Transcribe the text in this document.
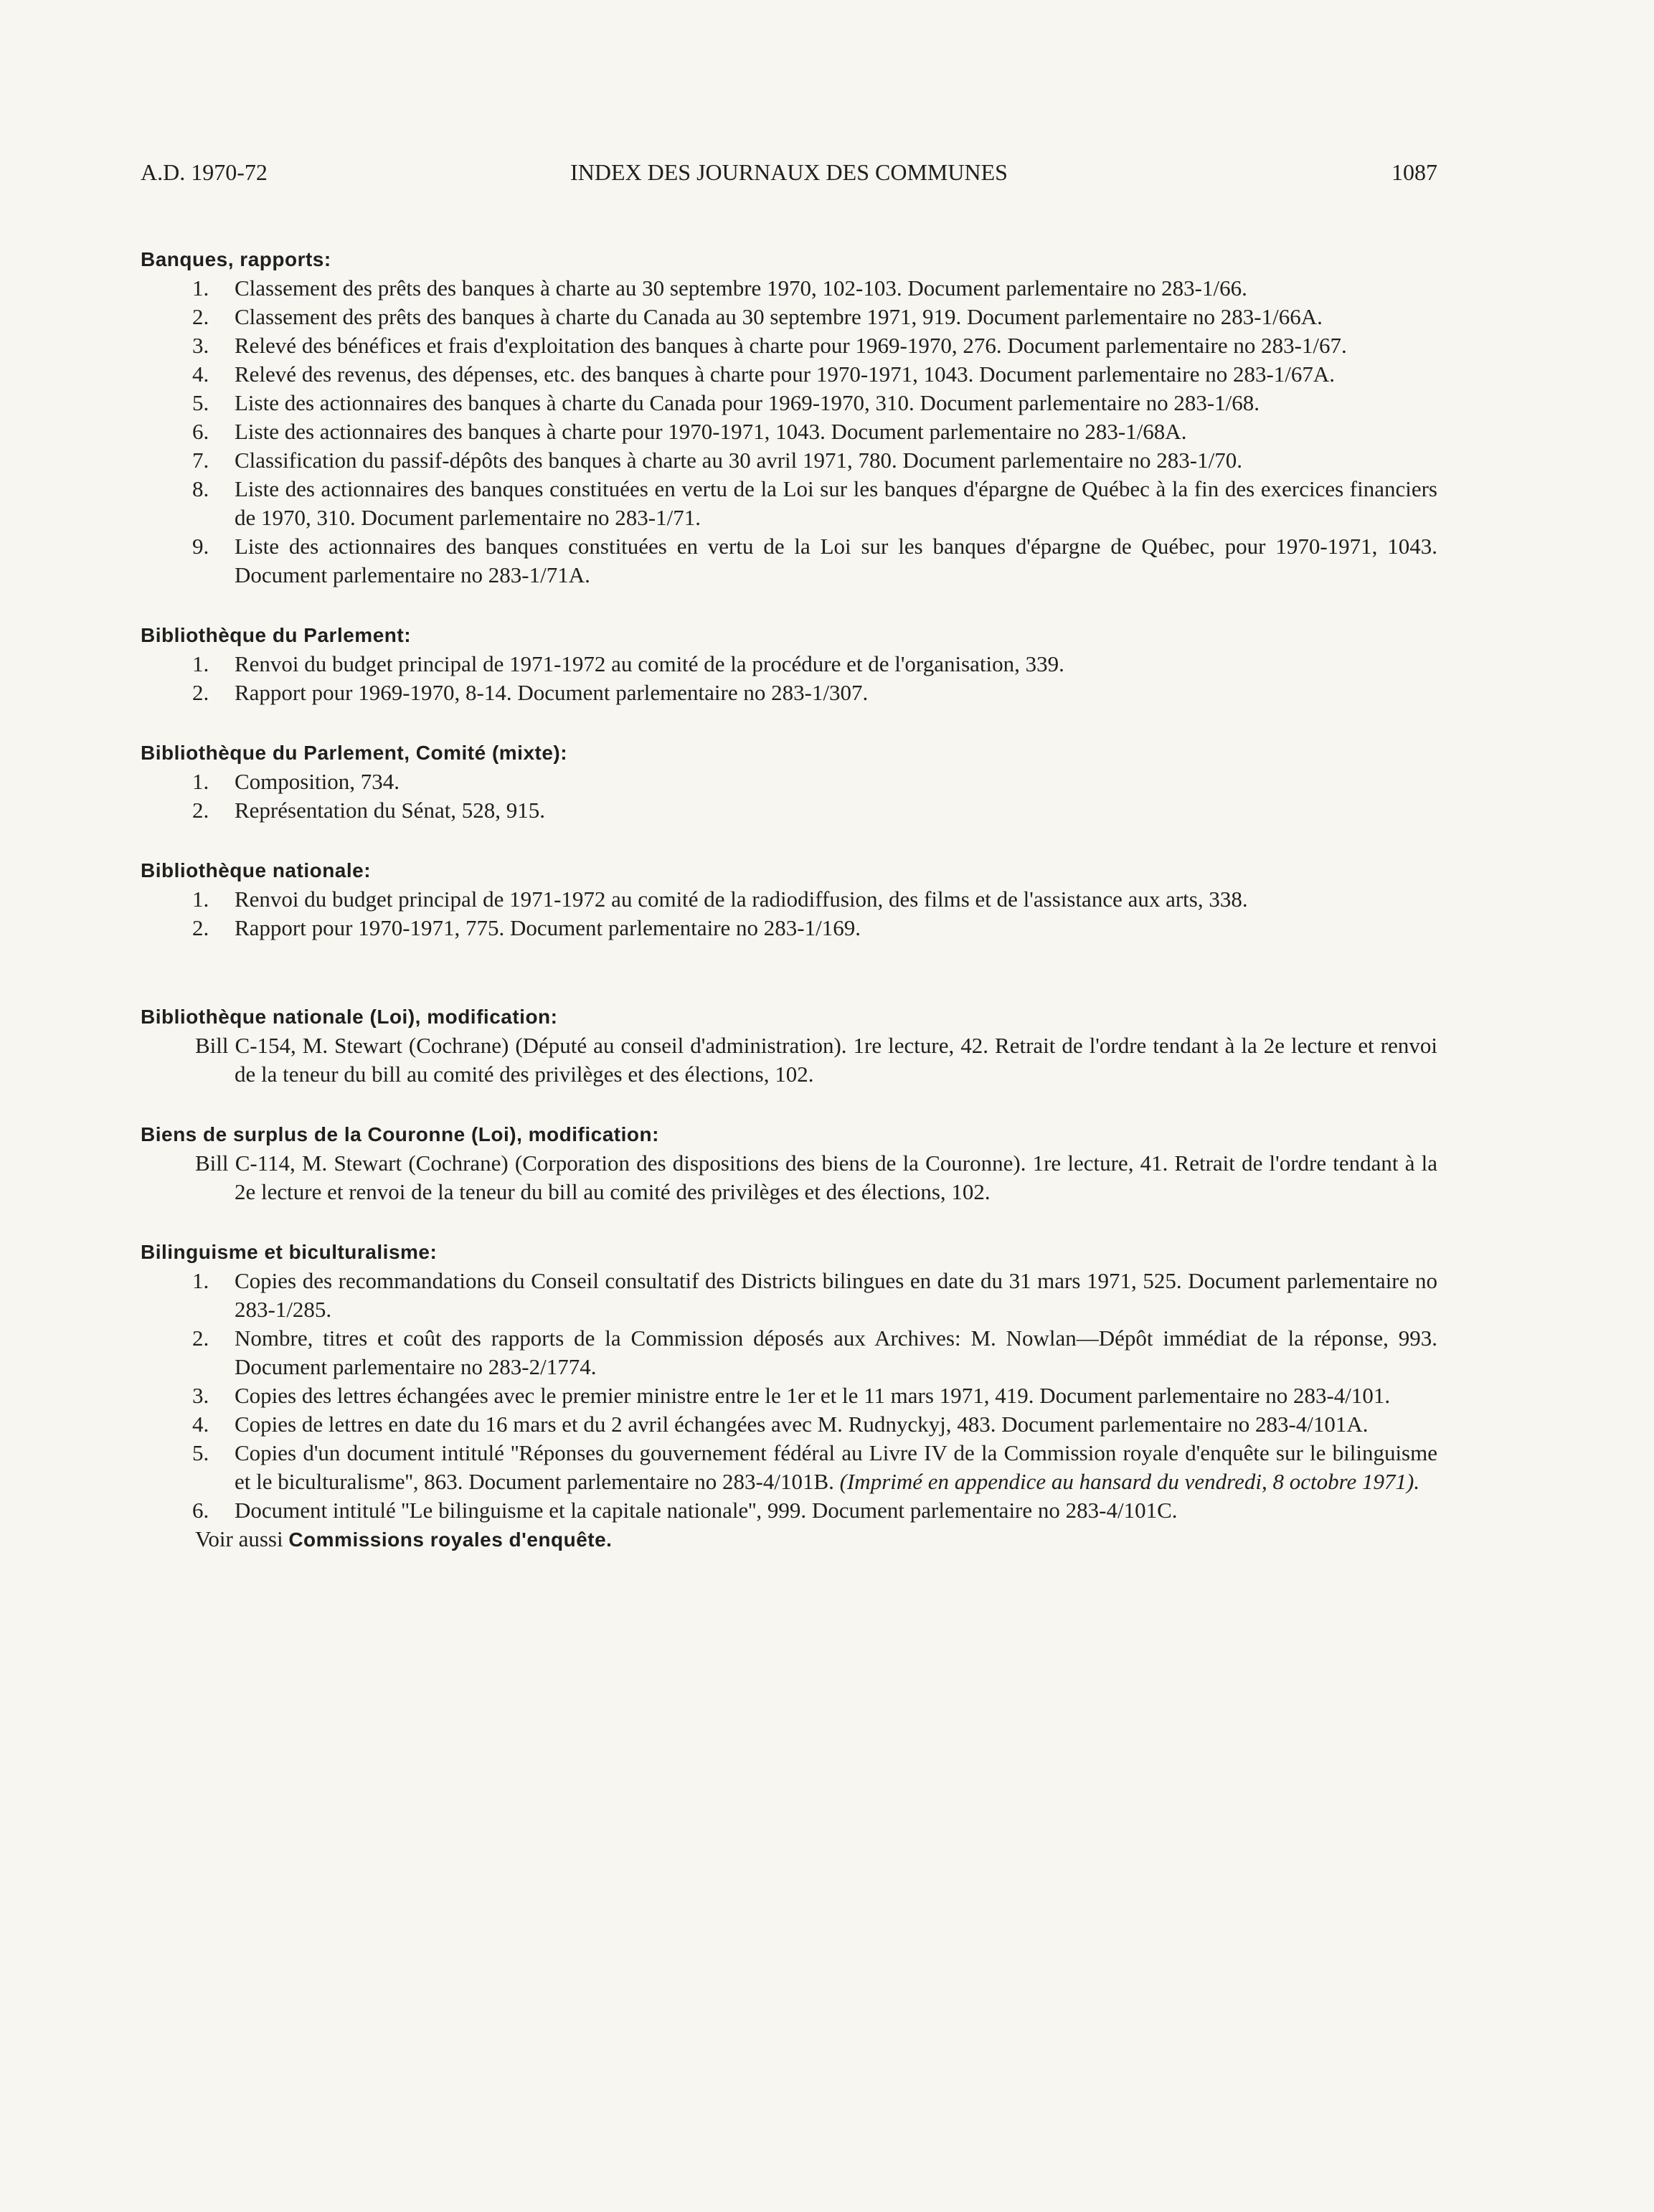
A.D. 1970-72	INDEX DES JOURNAUX DES COMMUNES	1087

Banques, rapports:

1.	Classement des prêts des banques à charte au 30 septembre 1970, 102-103. Document parlementaire no 283-1/66.
2.	Classement des prêts des banques à charte du Canada au 30 septembre 1971, 919. Document parlementaire no 283-1/66A.
3.	Relevé des bénéfices et frais d'exploitation des banques à charte pour 1969-1970, 276. Document parlementaire no 283-1/67.
4.	Relevé des revenus, des dépenses, etc. des banques à charte pour 1970-1971, 1043. Document parlementaire no 283-1/67A.
5.	Liste des actionnaires des banques à charte du Canada pour 1969-1970, 310. Document parlementaire no 283-1/68.
6.	Liste des actionnaires des banques à charte pour 1970-1971, 1043. Document parlementaire no 283-1/68A.
7.	Classification du passif-dépôts des banques à charte au 30 avril 1971, 780. Document parlementaire no 283-1/70.
8.	Liste des actionnaires des banques constituées en vertu de la Loi sur les banques d'épargne de Québec à la fin des exercices financiers de 1970, 310. Document parlementaire no 283-1/71.
9.	Liste des actionnaires des banques constituées en vertu de la Loi sur les banques d'épargne de Québec, pour 1970-1971, 1043. Document parlementaire no 283-1/71A.

Bibliothèque du Parlement:

1.	Renvoi du budget principal de 1971-1972 au comité de la procédure et de l'organisation, 339.
2.	Rapport pour 1969-1970, 8-14. Document parlementaire no 283-1/307.

Bibliothèque du Parlement, Comité (mixte):

1.	Composition, 734.
2.	Représentation du Sénat, 528, 915.

Bibliothèque nationale:

1.	Renvoi du budget principal de 1971-1972 au comité de la radiodiffusion, des films et de l'assistance aux arts, 338.
2.	Rapport pour 1970-1971, 775. Document parlementaire no 283-1/169.

Bibliothèque nationale (Loi), modification:

Bill C-154, M. Stewart (Cochrane) (Député au conseil d'administration). 1re lecture, 42. Retrait de l'ordre tendant à la 2e lecture et renvoi de la teneur du bill au comité des privilèges et des élections, 102.

Biens de surplus de la Couronne (Loi), modification:

Bill C-114, M. Stewart (Cochrane) (Corporation des dispositions des biens de la Couronne). 1re lecture, 41. Retrait de l'ordre tendant à la 2e lecture et renvoi de la teneur du bill au comité des privilèges et des élections, 102.

Bilinguisme et biculturalisme:

1.	Copies des recommandations du Conseil consultatif des Districts bilingues en date du 31 mars 1971, 525. Document parlementaire no 283-1/285.
2.	Nombre, titres et coût des rapports de la Commission déposés aux Archives: M. Nowlan—Dépôt immédiat de la réponse, 993. Document parlementaire no 283-2/1774.
3.	Copies des lettres échangées avec le premier ministre entre le 1er et le 11 mars 1971, 419. Document parlementaire no 283-4/101.
4.	Copies de lettres en date du 16 mars et du 2 avril échangées avec M. Rudnyckyj, 483. Document parlementaire no 283-4/101A.
5.	Copies d'un document intitulé ''Réponses du gouvernement fédéral au Livre IV de la Commission royale d'enquête sur le bilinguisme et le biculturalisme'', 863. Document parlementaire no 283-4/101B. (Imprimé en appendice au hansard du vendredi, 8 octobre 1971).
6.	Document intitulé ''Le bilinguisme et la capitale nationale'', 999. Document parlementaire no 283-4/101C.

Voir aussi Commissions royales d'enquête.
